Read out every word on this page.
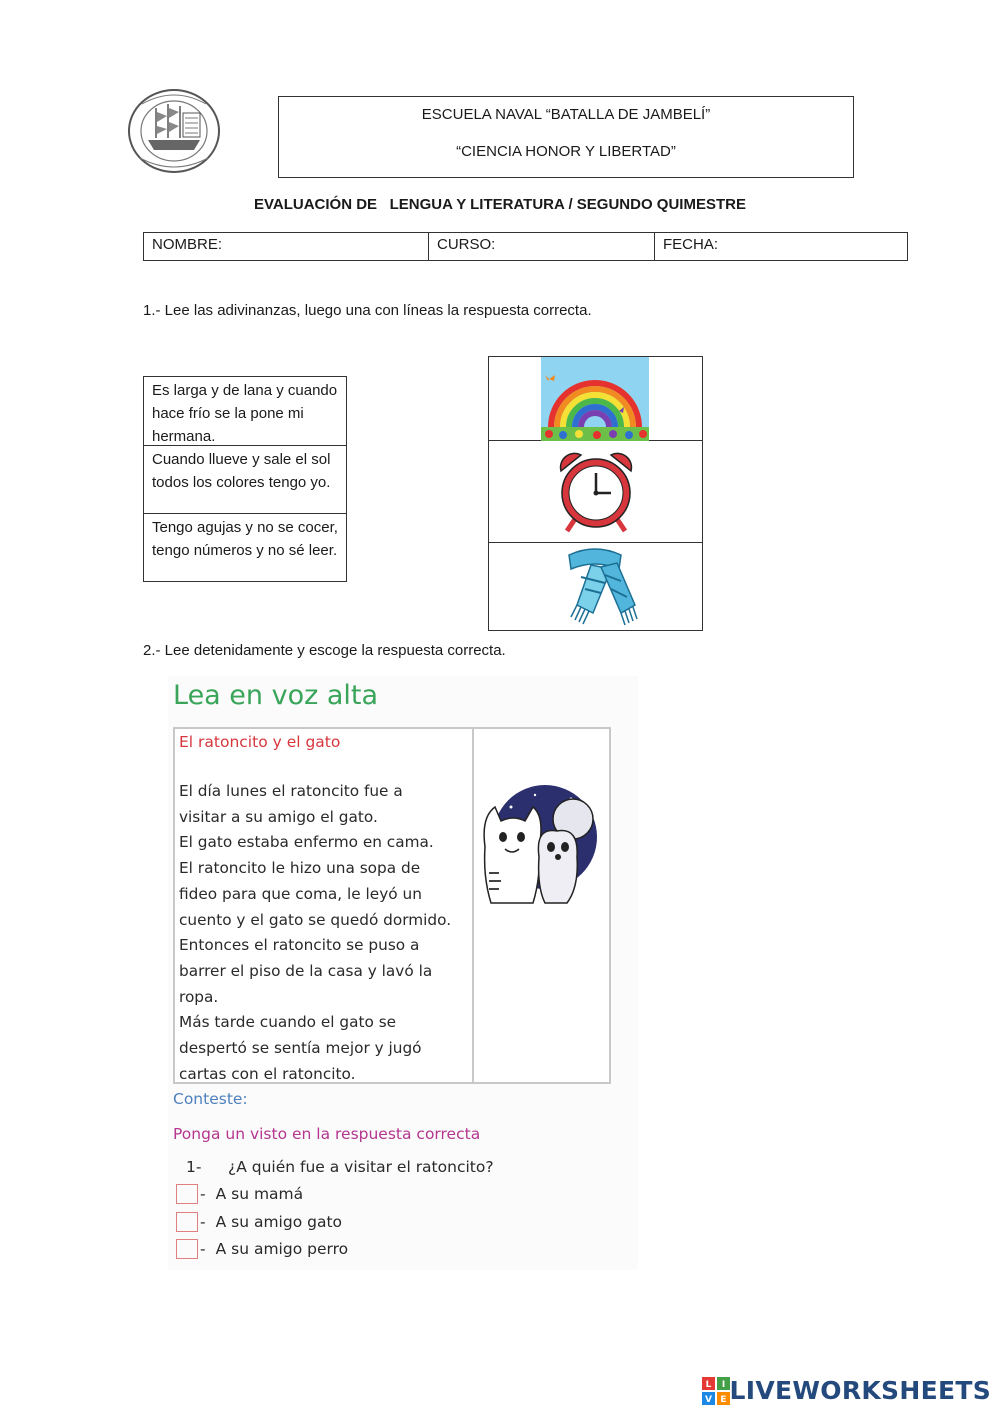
ESCUELA NAVAL “BATALLA DE JAMBELÍ”
“CIENCIA HONOR Y LIBERTAD”
EVALUACIÓN DE   LENGUA Y LITERATURA / SEGUNDO QUIMESTRE
NOMBRE:	CURSO:	FECHA:
1.- Lee las adivinanzas, luego una con líneas la respuesta correcta.
Es larga y de lana y cuando hace frío se la pone mi hermana.
Cuando llueve y sale el sol todos los colores tengo yo.
Tengo agujas y no se cocer, tengo números y no sé leer.
2.- Lee detenidamente y escoge la respuesta correcta.
Lea en voz alta
El ratoncito y el gato
El día lunes el ratoncito fue a
visitar a su amigo el gato.
El gato estaba enfermo en cama.
El ratoncito le hizo una sopa de
fideo para que coma, le leyó un
cuento y el gato se quedó dormido.
Entonces el ratoncito se puso a
barrer el piso de la casa y lavó la
ropa.
Más tarde cuando el gato se
despertó se sentía mejor y jugó
cartas con el ratoncito.
Conteste:
Ponga un visto en la respuesta correcta
1- ¿A quién fue a visitar el ratoncito?
- A su mamá
- A su amigo gato
- A su amigo perro
L I
V E LIVEWORKSHEETS
